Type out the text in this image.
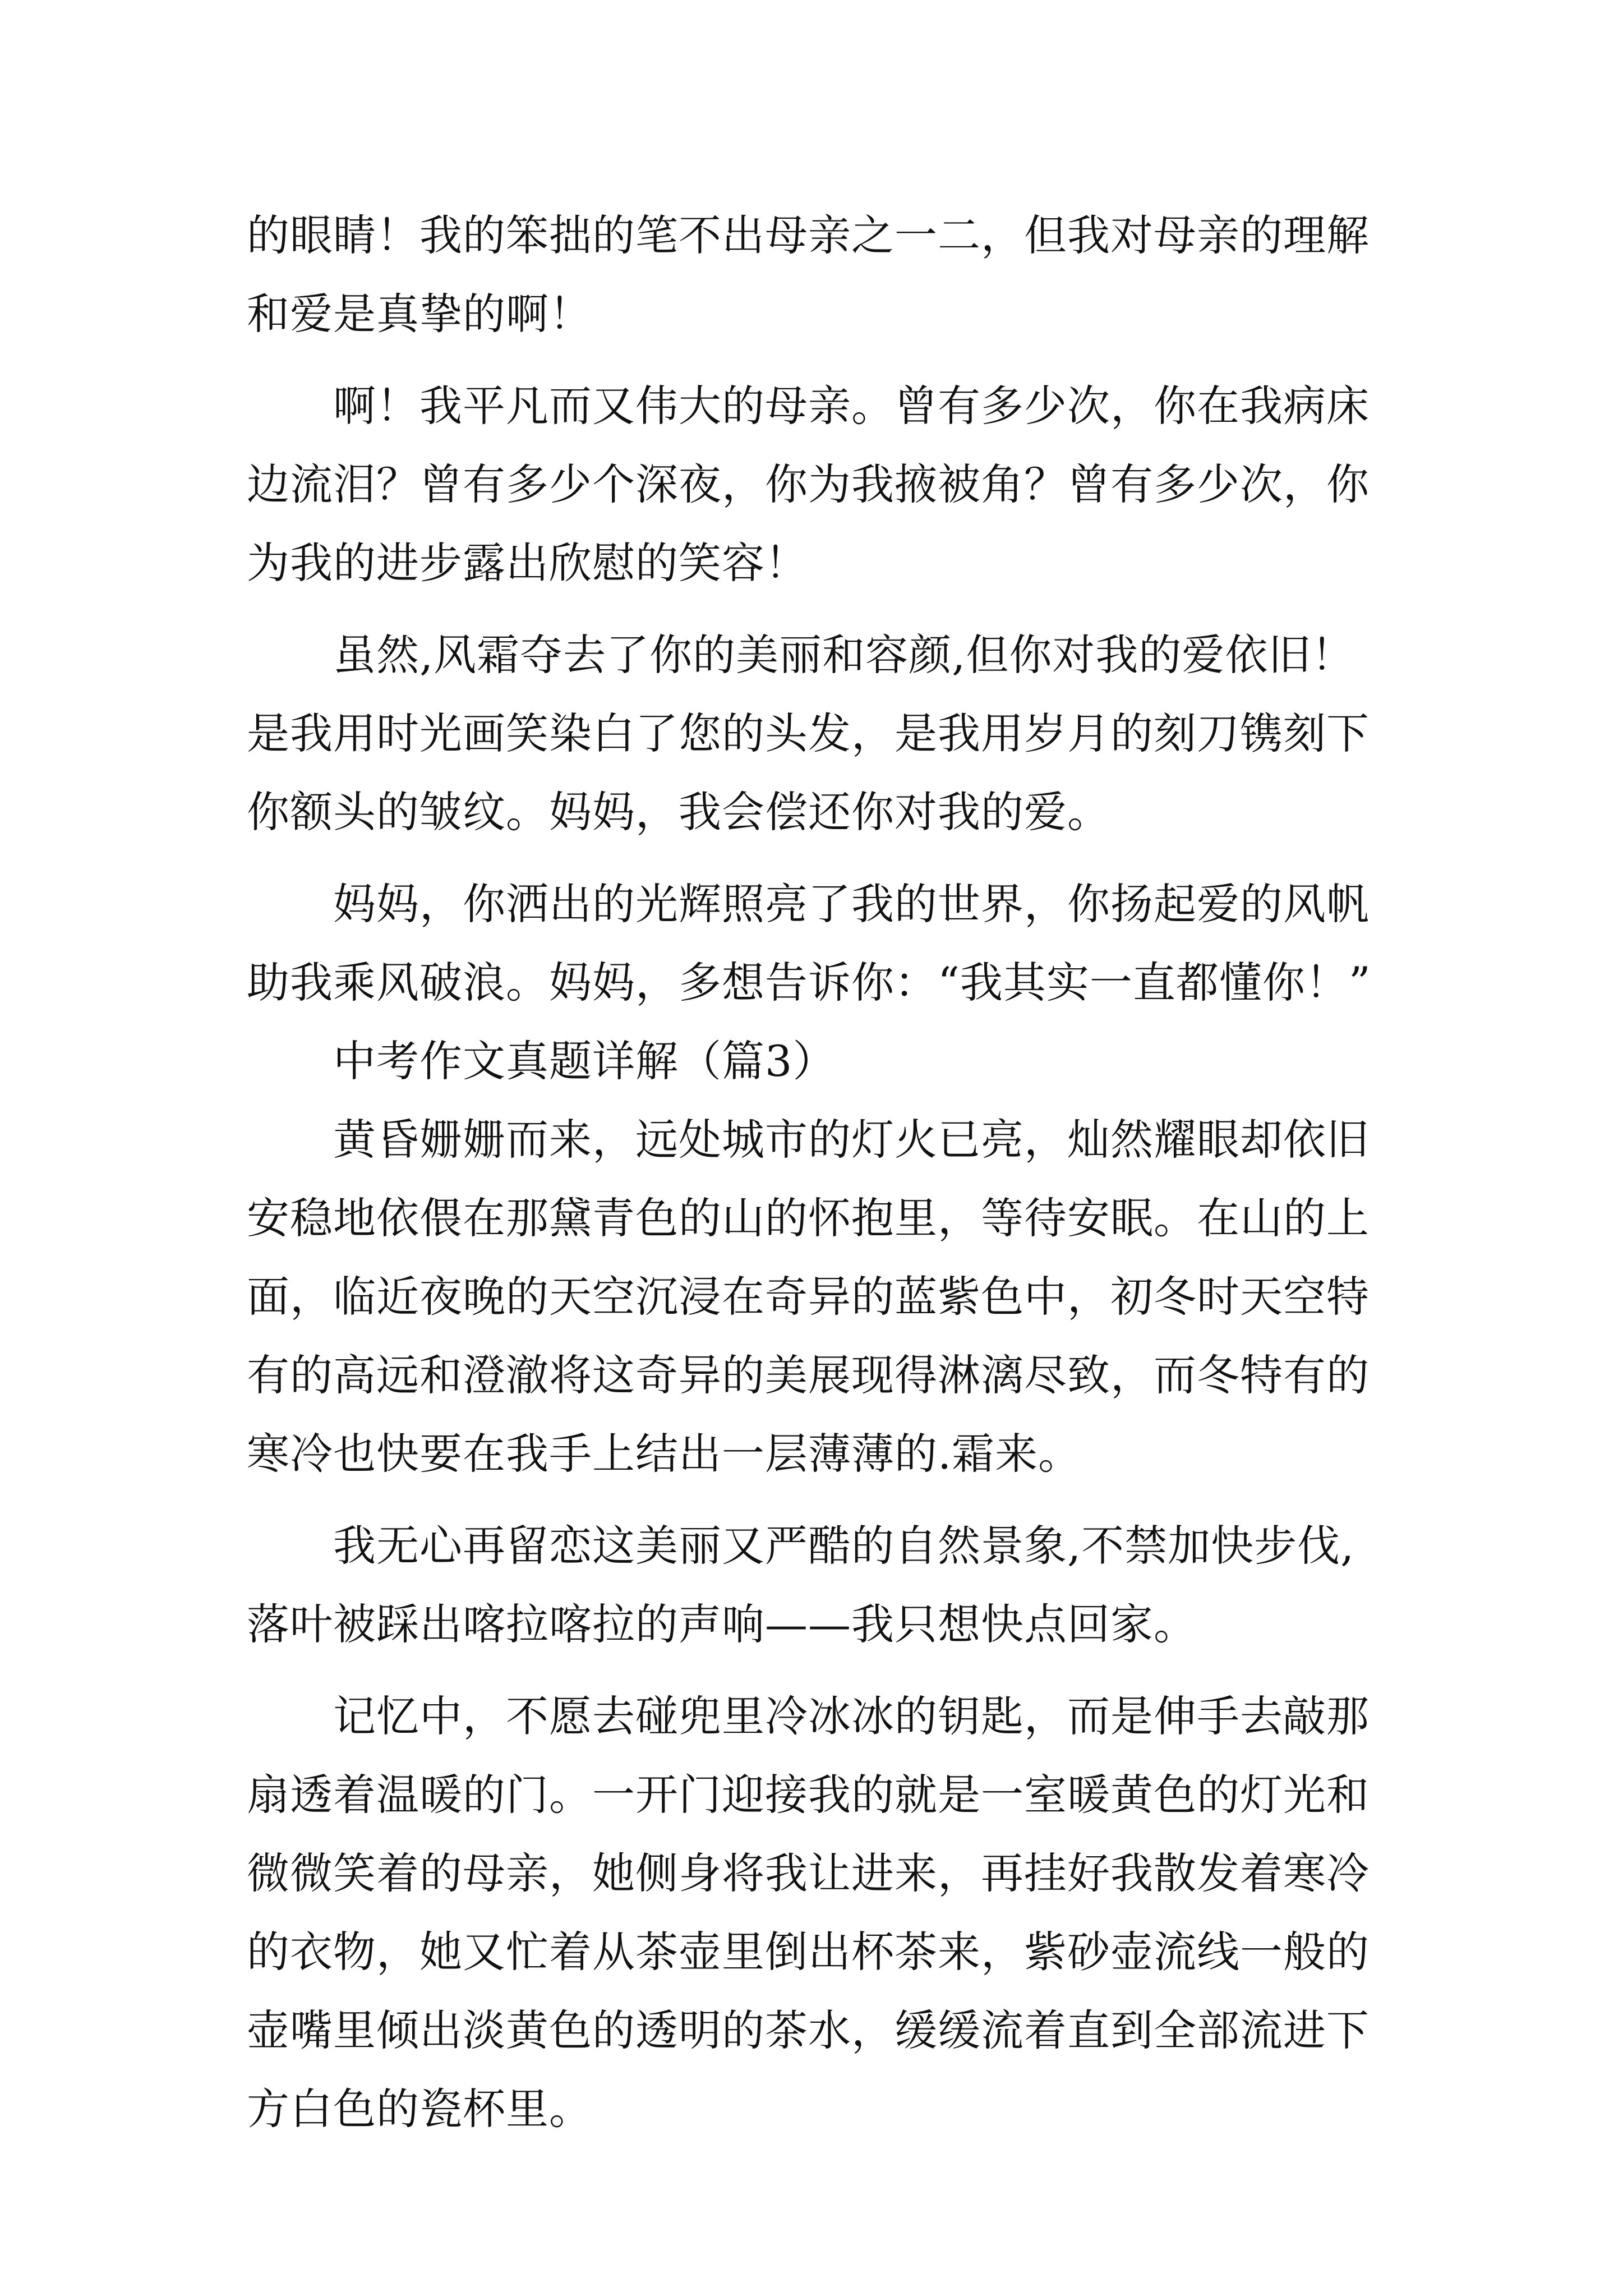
的眼睛！我的笨拙的笔不出母亲之一二，但我对母亲的理解
和爱是真挚的啊！
　　啊！我平凡而又伟大的母亲。曾有多少次，你在我病床
边流泪？曾有多少个深夜，你为我掖被角？曾有多少次，你
为我的进步露出欣慰的笑容！
　　虽然,风霜夺去了你的美丽和容颜,但你对我的爱依旧！
是我用时光画笑染白了您的头发，是我用岁月的刻刀镌刻下
你额头的皱纹。妈妈，我会偿还你对我的爱。
　　妈妈，你洒出的光辉照亮了我的世界，你扬起爱的风帆
助我乘风破浪。妈妈，多想告诉你：“我其实一直都懂你！”
　　中考作文真题详解（篇3）
　　黄昏姗姗而来，远处城市的灯火已亮，灿然耀眼却依旧
安稳地依偎在那黛青色的山的怀抱里，等待安眠。在山的上
面，临近夜晚的天空沉浸在奇异的蓝紫色中，初冬时天空特
有的高远和澄澈将这奇异的美展现得淋漓尽致，而冬特有的
寒冷也快要在我手上结出一层薄薄的.霜来。
　　我无心再留恋这美丽又严酷的自然景象,不禁加快步伐,
落叶被踩出喀拉喀拉的声响——我只想快点回家。
　　记忆中，不愿去碰兜里冷冰冰的钥匙，而是伸手去敲那
扇透着温暖的门。一开门迎接我的就是一室暖黄色的灯光和
微微笑着的母亲，她侧身将我让进来，再挂好我散发着寒冷
的衣物，她又忙着从茶壶里倒出杯茶来，紫砂壶流线一般的
壶嘴里倾出淡黄色的透明的茶水，缓缓流着直到全部流进下
方白色的瓷杯里。
